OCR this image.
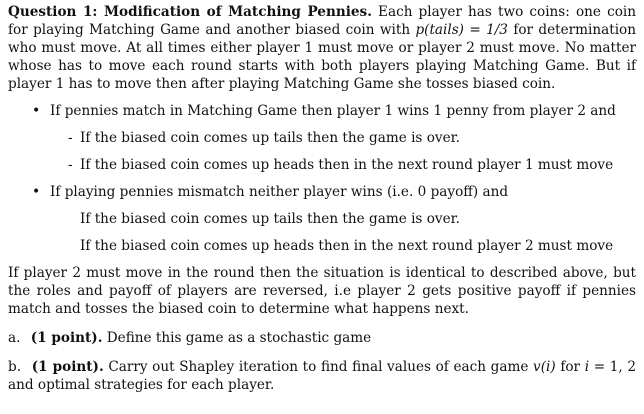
Question 1: Modification of Matching Pennies. Each player has two coins: one coin for playing Matching Game and another biased coin with p(tails) = 1/3 for determination who must move. At all times either player 1 must move or player 2 must move. No matter whose has to move each round starts with both players playing Matching Game. But if player 1 has to move then after playing Matching Game she tosses biased coin.

• If pennies match in Matching Game then player 1 wins 1 penny from player 2 and
- If the biased coin comes up tails then the game is over.
- If the biased coin comes up heads then in the next round player 1 must move
• If playing pennies mismatch neither player wins (i.e. 0 payoff) and
If the biased coin comes up tails then the game is over.
If the biased coin comes up heads then in the next round player 2 must move

If player 2 must move in the round then the situation is identical to described above, but the roles and payoff of players are reversed, i.e player 2 gets positive payoff if pennies match and tosses the biased coin to determine what happens next.

a. (1 point). Define this game as a stochastic game

b. (1 point). Carry out Shapley iteration to find final values of each game v(i) for i = 1, 2 and optimal strategies for each player.
